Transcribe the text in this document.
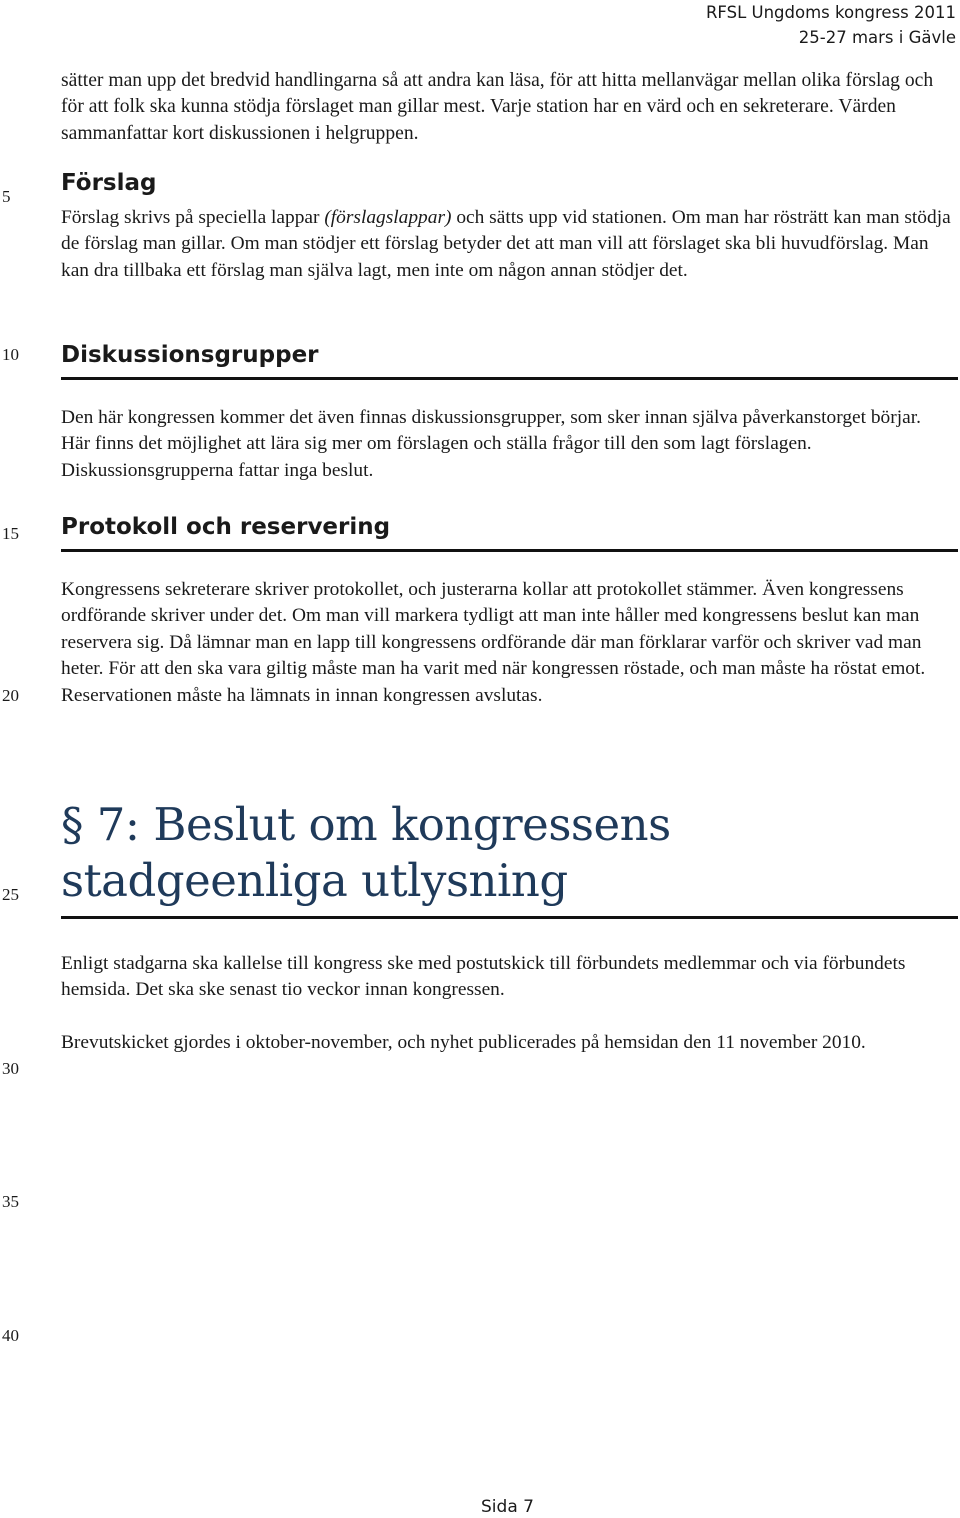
RFSL Ungdoms kongress 2011
25-27 mars i Gävle
5
10
15
20
25
30
35
40

sätter man upp det bredvid handlingarna så att andra kan läsa, för att hitta mellanvägar mellan olika förslag och för att folk ska kunna stödja förslaget man gillar mest. Varje station har en värd och en sekreterare. Värden sammanfattar kort diskussionen i helgruppen.

Förslag

Förslag skrivs på speciella lappar (förslagslappar) och sätts upp vid stationen. Om man har rösträtt kan man stödja de förslag man gillar. Om man stödjer ett förslag betyder det att man vill att förslaget ska bli huvudförslag. Man kan dra tillbaka ett förslag man själva lagt, men inte om någon annan stödjer det.

Diskussionsgrupper

Den här kongressen kommer det även finnas diskussionsgrupper, som sker innan själva påverkanstorget börjar. Här finns det möjlighet att lära sig mer om förslagen och ställa frågor till den som lagt förslagen. Diskussionsgrupperna fattar inga beslut.

Protokoll och reservering

Kongressens sekreterare skriver protokollet, och justerarna kollar att protokollet stämmer. Även kongressens ordförande skriver under det. Om man vill markera tydligt att man inte håller med kongressens beslut kan man reservera sig. Då lämnar man en lapp till kongressens ordförande där man förklarar varför och skriver vad man heter. För att den ska vara giltig måste man ha varit med när kongressen röstade, och man måste ha röstat emot. Reservationen måste ha lämnats in innan kongressen avslutas.

§ 7: Beslut om kongressens stadgeenliga utlysning

Enligt stadgarna ska kallelse till kongress ske med postutskick till förbundets medlemmar och via förbundets hemsida. Det ska ske senast tio veckor innan kongressen.

Brevutskicket gjordes i oktober-november, och nyhet publicerades på hemsidan den 11 november 2010.

Sida 7
